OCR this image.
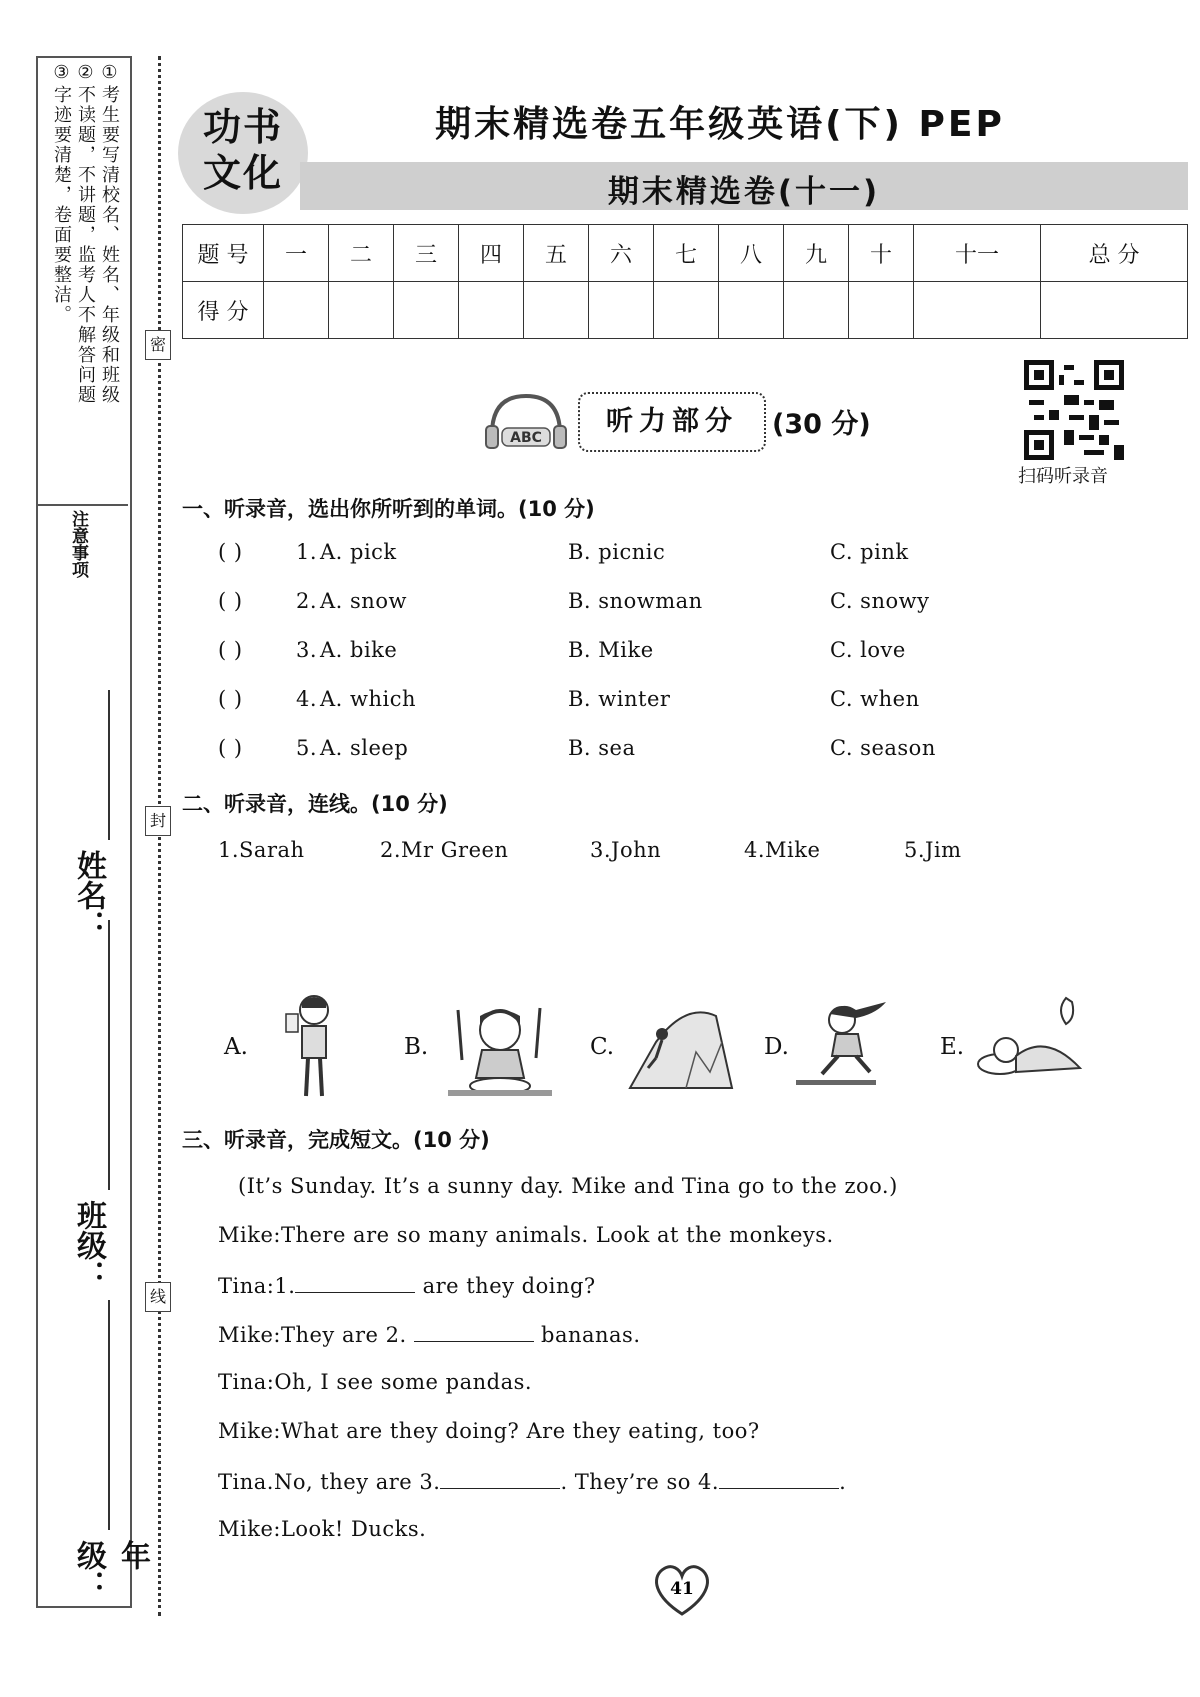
①考生要写清校名、姓名、年级和班级
②不读题，不讲题，监考人不解答问题
③字迹要清楚，卷面要整洁。
注意事项
年级：
班级：
姓名：
密
封
线
功书
文化
期末精选卷五年级英语(下) PEP
期末精选卷(十一)
题 号	一	二	三	四	五	六	七	八	九	十	十一	总 分
得 分												
ABC
听力部分	(30 分)
扫码听录音
一、听录音，选出你所听到的单词。(10 分)
( )	1. A. pick	B. picnic	C. pink
( )	2. A. snow	B. snowman	C. snowy
( )	3. A. bike	B. Mike	C. love
( )	4. A. which	B. winter	C. when
( )	5. A. sleep	B. sea	C. season
二、听录音，连线。(10 分)
1.Sarah	2.Mr Green	3.John	4.Mike	5.Jim
A.	B.	C.	D.	E.
三、听录音，完成短文。(10 分)
(It’s Sunday. It’s a sunny day. Mike and Tina go to the zoo.)
Mike:There are so many animals. Look at the monkeys.
Tina:1.	are they doing?
Mike:They are 2.	bananas.
Tina:Oh, I see some pandas.
Mike:What are they doing? Are they eating, too?
Tina.No, they are 3.	. They’re so 4.	.
Mike:Look! Ducks.
41
